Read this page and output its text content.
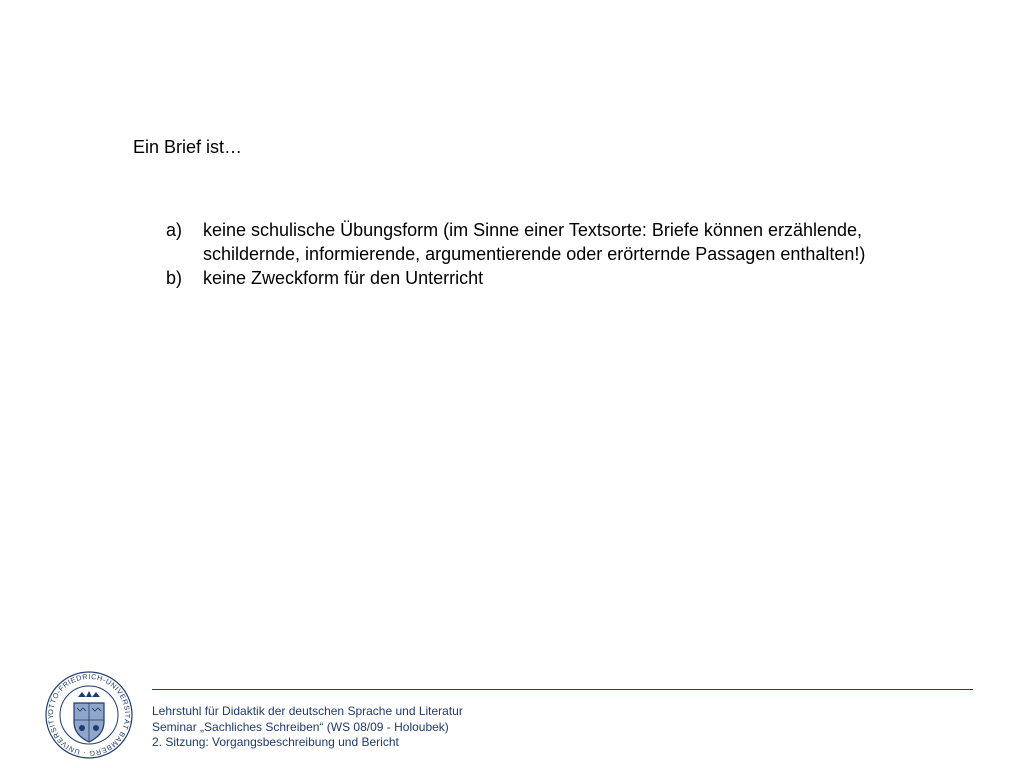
Ein Brief ist…
a)	keine schulische Übungsform (im Sinne einer Textsorte: Briefe können erzählende, schildernde, informierende, argumentierende oder erörternde Passagen enthalten!)
b)	keine Zweckform für den Unterricht
OTTO-FRIEDRICH-UNIVERSITÄT BAMBERG · UNIVERSITY	Lehrstuhl für Didaktik der deutschen Sprache und Literatur
Seminar „Sachliches Schreiben“ (WS 08/09 - Holoubek)
2. Sitzung: Vorgangsbeschreibung und Bericht
